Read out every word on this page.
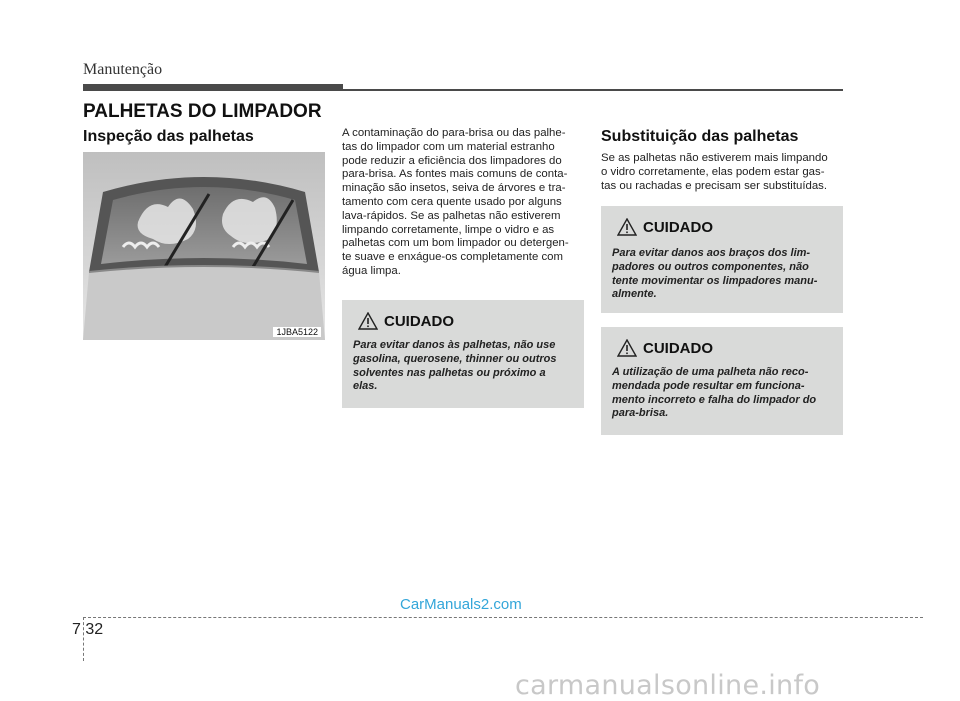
Manutenção
PALHETAS DO LIMPADOR
Inspeção das palhetas
1JBA5122
A contaminação do para-brisa ou das palhe-
tas do limpador com um material estranho
pode reduzir a eficiência dos limpadores do
para-brisa. As fontes mais comuns de conta-
minação são insetos, seiva de árvores e tra-
tamento com cera quente usado por alguns
lava-rápidos. Se as palhetas não estiverem
limpando corretamente, limpe o vidro e as
palhetas com um bom limpador ou detergen-
te suave e enxágue-os completamente com
água limpa.
CUIDADO
Para evitar danos às palhetas, não use
gasolina, querosene, thinner ou outros
solventes nas palhetas ou próximo a
elas.
Substituição das palhetas
Se as palhetas não estiverem mais limpando
o vidro corretamente, elas podem estar gas-
tas ou rachadas e precisam ser substituídas.
CUIDADO
Para evitar danos aos braços dos lim-
padores ou outros componentes, não
tente movimentar os limpadores manu-
almente.
CUIDADO
A utilização de uma palheta não reco-
mendada pode resultar em funciona-
mento incorreto e falha do limpador do
para-brisa.
7 32
CarManuals2.com
carmanualsonline.info
